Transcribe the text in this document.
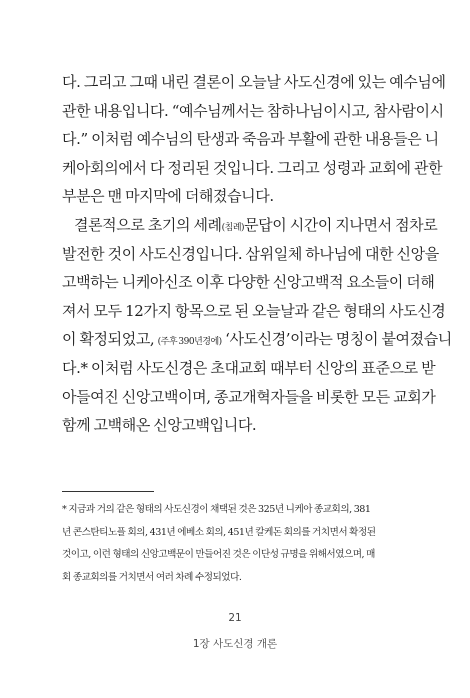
다. 그리고 그때 내린 결론이 오늘날 사도신경에 있는 예수님에
관한 내용입니다. “예수님께서는 참하나님이시고, 참사람이시
다.” 이처럼 예수님의 탄생과 죽음과 부활에 관한 내용들은 니
케아회의에서 다 정리된 것입니다. 그리고 성령과 교회에 관한
부분은 맨 마지막에 더해졌습니다.
결론적으로 초기의 세례(침례)문답이 시간이 지나면서 점차로
발전한 것이 사도신경입니다. 삼위일체 하나님에 대한 신앙을
고백하는 니케아신조 이후 다양한 신앙고백적 요소들이 더해
져서 모두 12가지 항목으로 된 오늘날과 같은 형태의 사도신경
이 확정되었고, (주후 390년경에) ‘사도신경’이라는 명칭이 붙여졌습니
다.* 이처럼 사도신경은 초대교회 때부터 신앙의 표준으로 받
아들여진 신앙고백이며, 종교개혁자들을 비롯한 모든 교회가
함께 고백해온 신앙고백입니다.
* 지금과 거의 같은 형태의 사도신경이 채택된 것은 325년 니케아 종교회의, 381
년 콘스탄티노플 회의, 431년 에베소 회의, 451년 칼케돈 회의를 거치면서 확정된
것이고, 이런 형태의 신앙고백문이 만들어진 것은 이단성 규명을 위해서였으며, 매
회 종교회의를 거치면서 여러 차례 수정되었다.
21
1장 사도신경 개론
